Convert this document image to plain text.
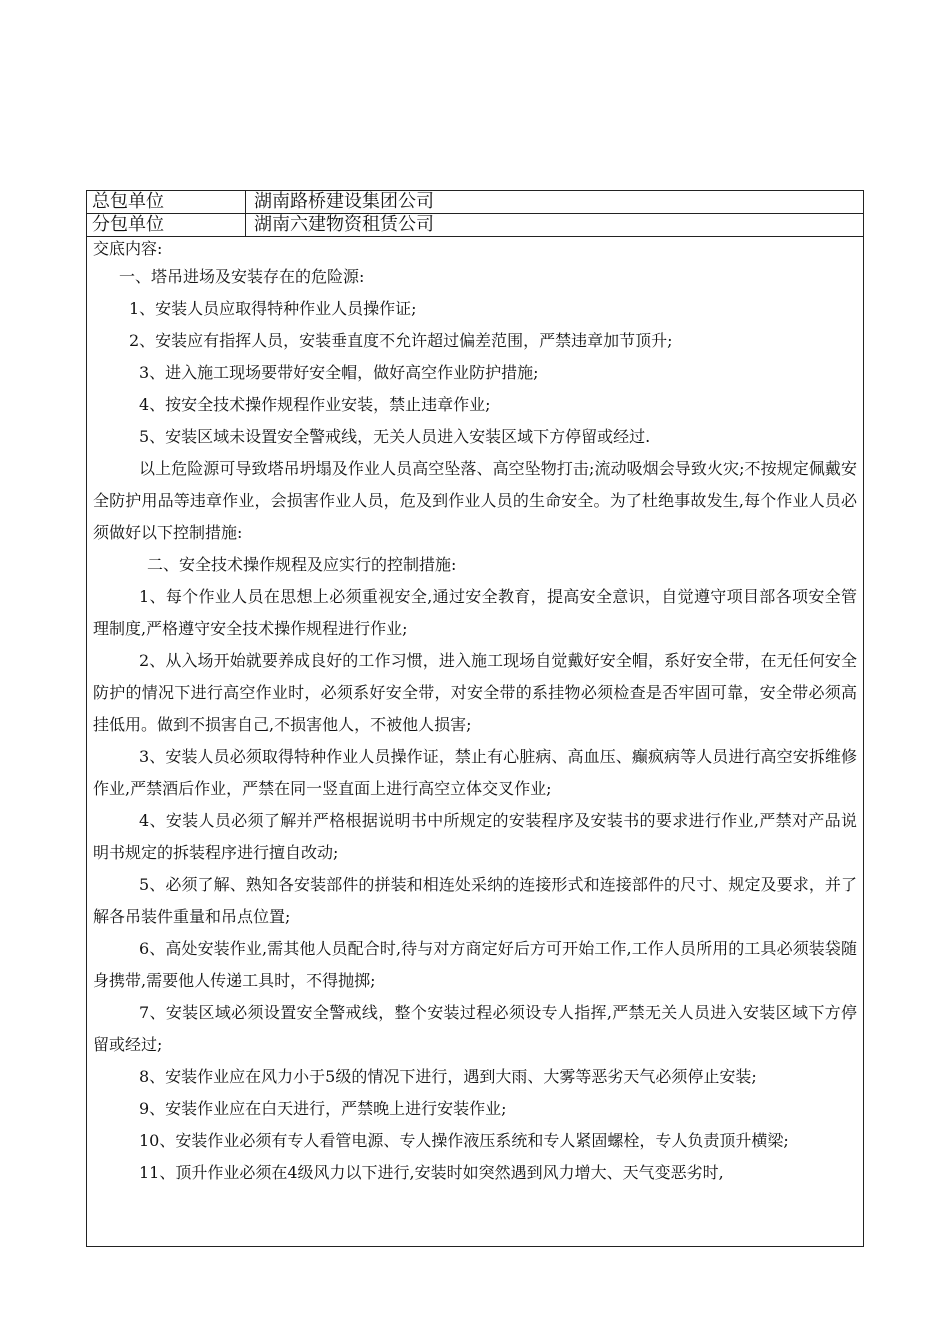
总包单位	湖南路桥建设集团公司
分包单位	湖南六建物资租赁公司
交底内容:

一、塔吊进场及安装存在的危险源:

1、安装人员应取得特种作业人员操作证;

2、安装应有指挥人员，安装垂直度不允许超过偏差范围，严禁违章加节顶升;

3、进入施工现场要带好安全帽，做好高空作业防护措施;

4、按安全技术操作规程作业安装，禁止违章作业;

5、安装区域未设置安全警戒线，无关人员进入安装区域下方停留或经过.

以上危险源可导致塔吊坍塌及作业人员高空坠落、高空坠物打击;流动吸烟会导致火灾;不按规定佩戴安全防护用品等违章作业，会损害作业人员，危及到作业人员的生命安全。为了杜绝事故发生,每个作业人员必须做好以下控制措施:

二、安全技术操作规程及应实行的控制措施:

1、每个作业人员在思想上必须重视安全,通过安全教育，提高安全意识，自觉遵守项目部各项安全管理制度,严格遵守安全技术操作规程进行作业;

2、从入场开始就要养成良好的工作习惯，进入施工现场自觉戴好安全帽，系好安全带，在无任何安全防护的情况下进行高空作业时，必须系好安全带，对安全带的系挂物必须检查是否牢固可靠，安全带必须高挂低用。做到不损害自己,不损害他人，不被他人损害;

3、安装人员必须取得特种作业人员操作证，禁止有心脏病、高血压、癫疯病等人员进行高空安拆维修作业,严禁酒后作业，严禁在同一竖直面上进行高空立体交叉作业;

4、安装人员必须了解并严格根据说明书中所规定的安装程序及安装书的要求进行作业,严禁对产品说明书规定的拆装程序进行擅自改动;

5、必须了解、熟知各安装部件的拼装和相连处采纳的连接形式和连接部件的尺寸、规定及要求，并了解各吊装件重量和吊点位置;

6、高处安装作业,需其他人员配合时,待与对方商定好后方可开始工作,工作人员所用的工具必须装袋随身携带,需要他人传递工具时，不得抛掷;

7、安装区域必须设置安全警戒线，整个安装过程必须设专人指挥,严禁无关人员进入安装区域下方停留或经过;

8、安装作业应在风力小于5级的情况下进行，遇到大雨、大雾等恶劣天气必须停止安装;

9、安装作业应在白天进行，严禁晚上进行安装作业;

10、安装作业必须有专人看管电源、专人操作液压系统和专人紧固螺栓，专人负责顶升横梁;

11、顶升作业必须在4级风力以下进行,安装时如突然遇到风力增大、天气变恶劣时,
